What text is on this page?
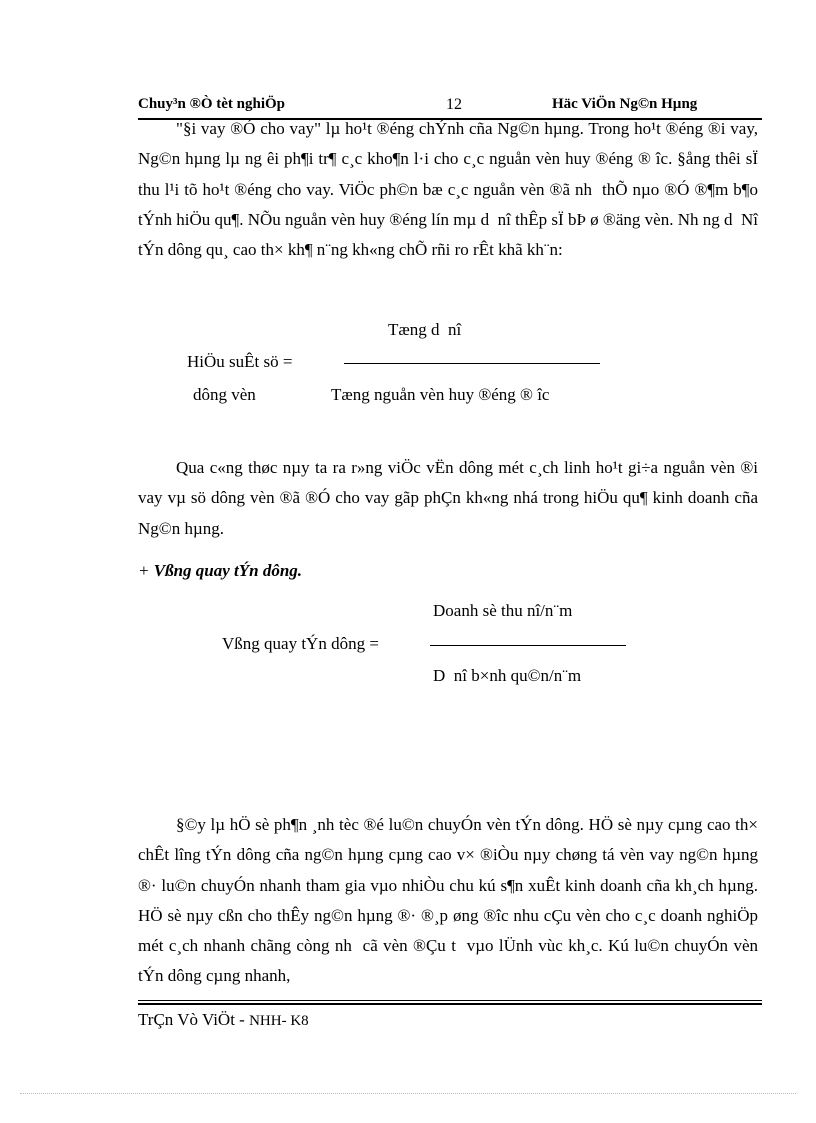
Chuy³n ®Ò tèt nghiÖp	12	Häc ViÖn Ng©n Hµng
"§i vay ®Ó cho vay" lµ ho¹t ®éng chÝnh cña Ng©n hµng. Trong ho¹t ®éng ®i vay, Ng©n hµng lµ ng êi ph¶i tr¶ c¸c kho¶n l·i cho c¸c nguån vèn huy ®éng ® îc. §ång thêi sÏ thu l¹i tõ ho¹t ®éng cho vay. ViÖc ph©n bæ c¸c nguån vèn ®ã nh thÕ nµo ®Ó ®¶m b¶o tÝnh hiÖu qu¶. NÕu nguån vèn huy ®éng lín mµ d nî thÊp sÏ bÞ ø ®äng vèn. Nh ng d Nî tÝn dông qu¸ cao th× kh¶ n¨ng kh«ng chÕ rñi ro rÊt khã kh¨n:
Tæng d nî
HiÖu suÊt sö =
dông vèn	Tæng nguån vèn huy ®éng ® îc
Qua c«ng thøc nµy ta ra r»ng viÖc vËn dông mét c¸ch linh ho¹t gi÷a nguån vèn ®i vay vµ sö dông vèn ®ã ®Ó cho vay gãp phÇn kh«ng nhá trong hiÖu qu¶ kinh doanh cña Ng©n hµng.
+ Vßng quay tÝn dông.
Doanh sè thu nî/n¨m
Vßng quay tÝn dông =
D nî b×nh qu©n/n¨m
§©y lµ hÖ sè ph¶n ¸nh tèc ®é lu©n chuyÓn vèn tÝn dông. HÖ sè nµy cµng cao th× chÊt lîng tÝn dông cña ng©n hµng cµng cao v× ®iÒu nµy chøng tá vèn vay ng©n hµng ®· lu©n chuyÓn nhanh tham gia vµo nhiÒu chu kú s¶n xuÊt kinh doanh cña kh¸ch hµng. HÖ sè nµy cßn cho thÊy ng©n hµng ®· ®¸p øng ®îc nhu cÇu vèn cho c¸c doanh nghiÖp mét c¸ch nhanh chãng còng nh cã vèn ®Çu t vµo lÜnh vùc kh¸c. Kú lu©n chuyÓn vèn tÝn dông cµng nhanh,
TrÇn Vò ViÖt - NHH- K8
